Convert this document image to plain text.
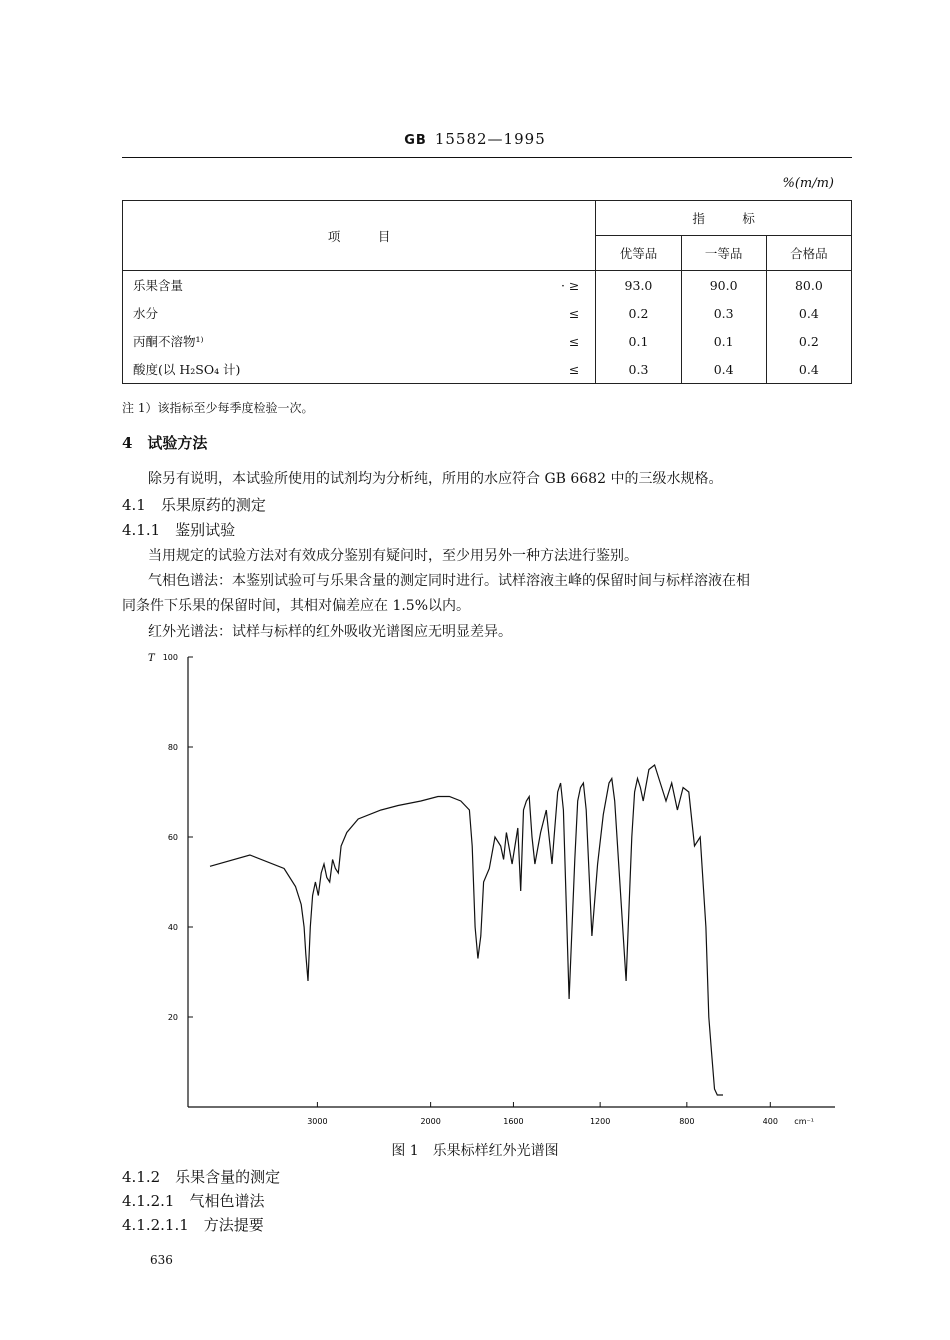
GB 15582—1995
%(m/m)
项　　　目		指　　　标		
		优等品	一等品	合格品
乐果含量	· ≥	93.0	90.0	80.0
水分	≤	0.2	0.3	0.4
丙酮不溶物¹⁾	≤	0.1	0.1	0.2
酸度(以 H₂SO₄ 计)	≤	0.3	0.4	0.4
注 1）该指标至少每季度检验一次。
4　试验方法
除另有说明，本试验所使用的试剂均为分析纯，所用的水应符合 GB 6682 中的三级水规格。
4.1　乐果原药的测定
4.1.1　鉴别试验
当用规定的试验方法对有效成分鉴别有疑问时，至少用另外一种方法进行鉴别。
气相色谱法：本鉴别试验可与乐果含量的测定同时进行。试样溶液主峰的保留时间与标样溶液在相
同条件下乐果的保留时间，其相对偏差应在 1.5%以内。
红外光谱法：试样与标样的红外吸收光谱图应无明显差异。
100
80
60
40
20
3000	2000	1600	1200	800	400 cm⁻¹
T
图 1　乐果标样红外光谱图
4.1.2　乐果含量的测定
4.1.2.1　气相色谱法
4.1.2.1.1　方法提要
636
